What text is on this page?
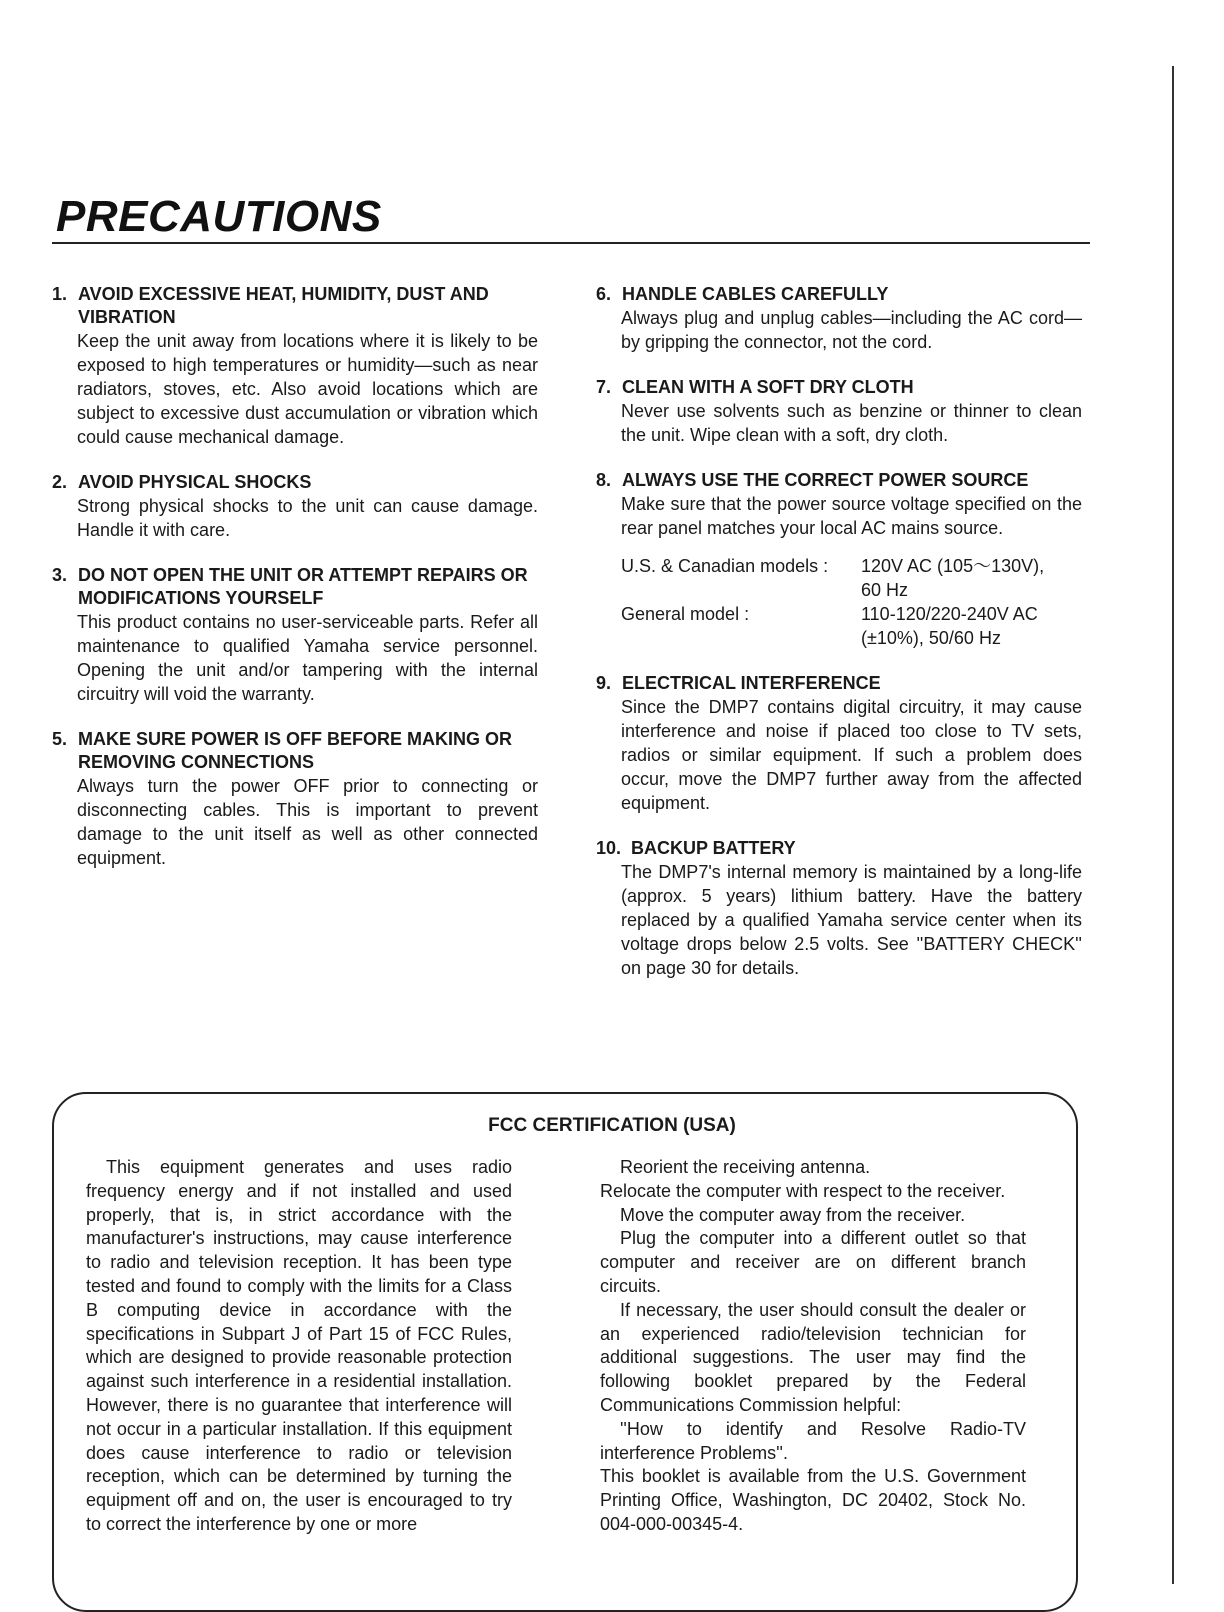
PRECAUTIONS
1. AVOID EXCESSIVE HEAT, HUMIDITY, DUST AND VIBRATION

Keep the unit away from locations where it is likely to be exposed to high temperatures or humidity—such as near radiators, stoves, etc. Also avoid locations which are subject to excessive dust accumulation or vibration which could cause mechanical damage.

2. AVOID PHYSICAL SHOCKS

Strong physical shocks to the unit can cause damage. Handle it with care.

3. DO NOT OPEN THE UNIT OR ATTEMPT REPAIRS OR MODIFICATIONS YOURSELF

This product contains no user-serviceable parts. Refer all maintenance to qualified Yamaha service personnel. Opening the unit and/or tampering with the internal circuitry will void the warranty.

5. MAKE SURE POWER IS OFF BEFORE MAKING OR REMOVING CONNECTIONS

Always turn the power OFF prior to connecting or disconnecting cables. This is important to prevent damage to the unit itself as well as other connected equipment.

6. HANDLE CABLES CAREFULLY

Always plug and unplug cables—including the AC cord—by gripping the connector, not the cord.

7. CLEAN WITH A SOFT DRY CLOTH

Never use solvents such as benzine or thinner to clean the unit. Wipe clean with a soft, dry cloth.

8. ALWAYS USE THE CORRECT POWER SOURCE

Make sure that the power source voltage specified on the rear panel matches your local AC mains source.

U.S. & Canadian models :	120V AC (105～130V),
	60 Hz
General model :	110-120/220-240V AC
	(±10%), 50/60 Hz
9. ELECTRICAL INTERFERENCE

Since the DMP7 contains digital circuitry, it may cause interference and noise if placed too close to TV sets, radios or similar equipment. If such a problem does occur, move the DMP7 further away from the affected equipment.

10. BACKUP BATTERY

The DMP7's internal memory is maintained by a long-life (approx. 5 years) lithium battery. Have the battery replaced by a qualified Yamaha service center when its voltage drops below 2.5 volts. See ''BATTERY CHECK'' on page 30 for details.

FCC CERTIFICATION (USA)

This equipment generates and uses radio frequency energy and if not installed and used properly, that is, in strict accordance with the manufacturer's instructions, may cause interference to radio and television reception. It has been type tested and found to comply with the limits for a Class B computing device in accordance with the specifications in Subpart J of Part 15 of FCC Rules, which are designed to provide reasonable protection against such interference in a residential installation. However, there is no guarantee that interference will not occur in a particular installation. If this equipment does cause interference to radio or television reception, which can be determined by turning the equipment off and on, the user is encouraged to try to correct the interference by one or more

Reorient the receiving antenna.

Relocate the computer with respect to the receiver.

Move the computer away from the receiver.

Plug the computer into a different outlet so that computer and receiver are on different branch circuits.

If necessary, the user should consult the dealer or an experienced radio/television technician for additional suggestions. The user may find the following booklet prepared by the Federal Communications Commission helpful:

''How to identify and Resolve Radio-TV interference Problems''.

This booklet is available from the U.S. Government Printing Office, Washington, DC 20402, Stock No. 004-000-00345-4.
